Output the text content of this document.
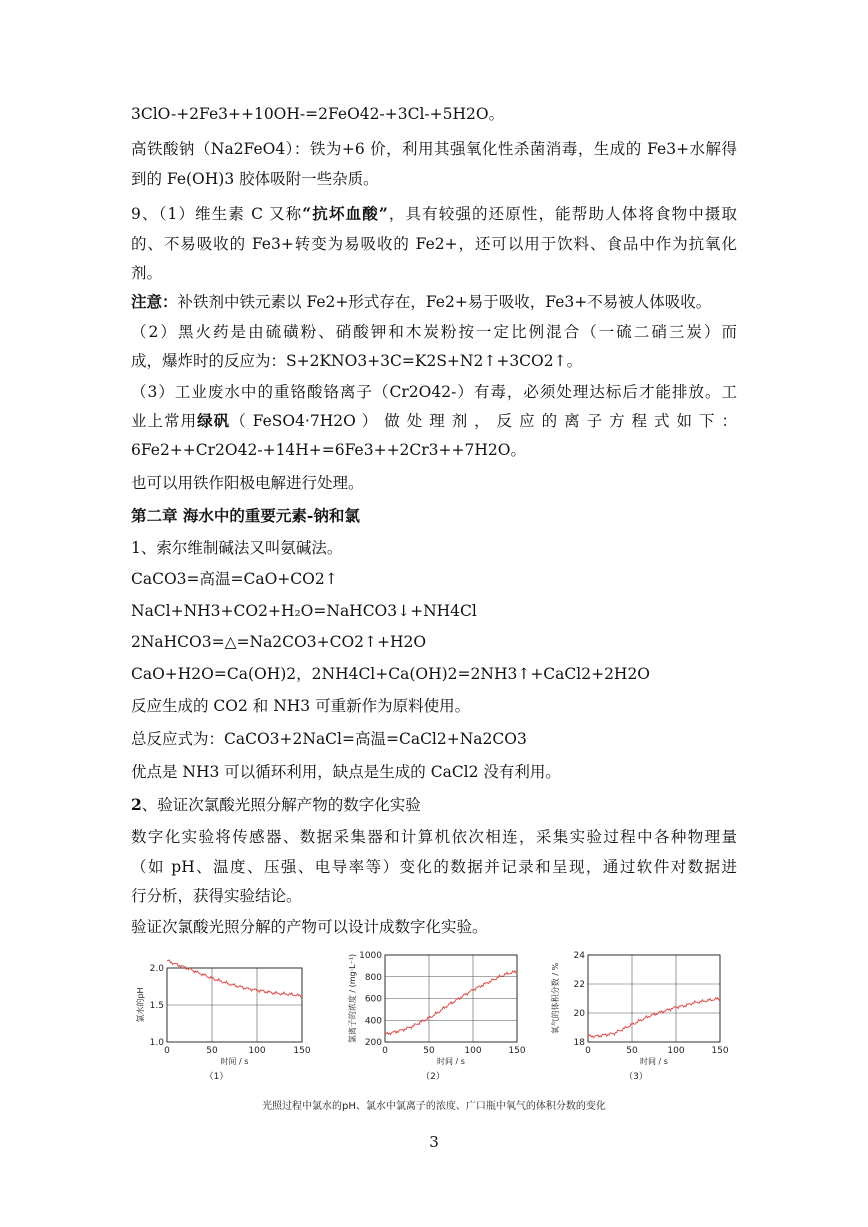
3ClO-+2Fe3++10OH-=2FeO42-+3Cl-+5H2O。
高铁酸钠（Na2FeO4）：铁为+6 价，利用其强氧化性杀菌消毒，生成的 Fe3+水解得
到的 Fe(OH)3 胶体吸附一些杂质。
9、（1）维生素 C 又称“抗坏血酸”，具有较强的还原性，能帮助人体将食物中摄取
的、不易吸收的 Fe3+转变为易吸收的 Fe2+，还可以用于饮料、食品中作为抗氧化
剂。
注意：补铁剂中铁元素以 Fe2+形式存在，Fe2+易于吸收，Fe3+不易被人体吸收。
（2）黑火药是由硫磺粉、硝酸钾和木炭粉按一定比例混合（一硫二硝三炭）而
成，爆炸时的反应为：S+2KNO3+3C=K2S+N2↑+3CO2↑。
（3）工业废水中的重铬酸铬离子（Cr2O42-）有毒，必须处理达标后才能排放。工
业上常用绿矾（ FeSO4·7H2O ） 做 处 理 剂 ， 反 应 的 离 子 方 程 式 如 下 ：
6Fe2++Cr2O42-+14H+=6Fe3++2Cr3++7H2O。
也可以用铁作阳极电解进行处理。
第二章 海水中的重要元素-钠和氯
1、索尔维制碱法又叫氨碱法。
CaCO3=高温=CaO+CO2↑
NaCl+NH3+CO2+H₂O=NaHCO3↓+NH4Cl
2NaHCO3=△=Na2CO3+CO2↑+H2O
CaO+H2O=Ca(OH)2，2NH4Cl+Ca(OH)2=2NH3↑+CaCl2+2H2O
反应生成的 CO2 和 NH3 可重新作为原料使用。
总反应式为：CaCO3+2NaCl=高温=CaCl2+Na2CO3
优点是 NH3 可以循环利用，缺点是生成的 CaCl2 没有利用。
2、验证次氯酸光照分解产物的数字化实验
数字化实验将传感器、数据采集器和计算机依次相连，采集实验过程中各种物理量
（如 pH、温度、压强、电导率等）变化的数据并记录和呈现，通过软件对数据进
行分析，获得实验结论。
验证次氯酸光照分解的产物可以设计成数字化实验。
0	50	100	150
1.0
1.5
2.0
时间 / s
氯水的pH
（1）
0	50	100	150
200
400
600
800
1000
时间 / s
氯离子的浓度 / (mg·L⁻¹)
（2）
0	50	100	150
18
20
22
24
时间 / s
氧气的体积分数 / %
（3）
光照过程中氯水的pH、氯水中氯离子的浓度、广口瓶中氧气的体积分数的变化
3
